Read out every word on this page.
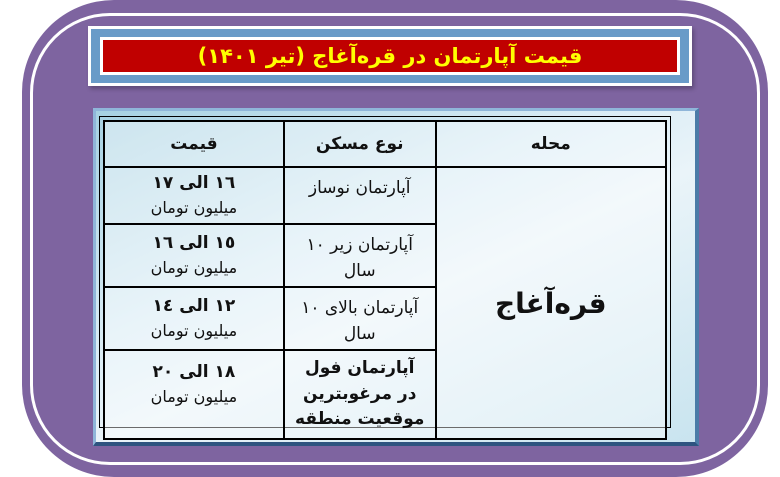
قیمت آپارتمان در قره‌آغاج (تیر ۱۴۰۱)
محله	نوع مسکن	قیمت
قره‌آغاج	آپارتمان نوساز	١٦ الی ١٧
میلیون تومان

	آپارتمان زیر ١٠ سال	١٥ الی ١٦
میلیون تومان

	آپارتمان بالای ١٠ سال	١٢ الی ١٤
میلیون تومان

	آپارتمان فول در مرغوبترین موقعیت منطقه	١٨ الی ٢٠
میلیون تومان
